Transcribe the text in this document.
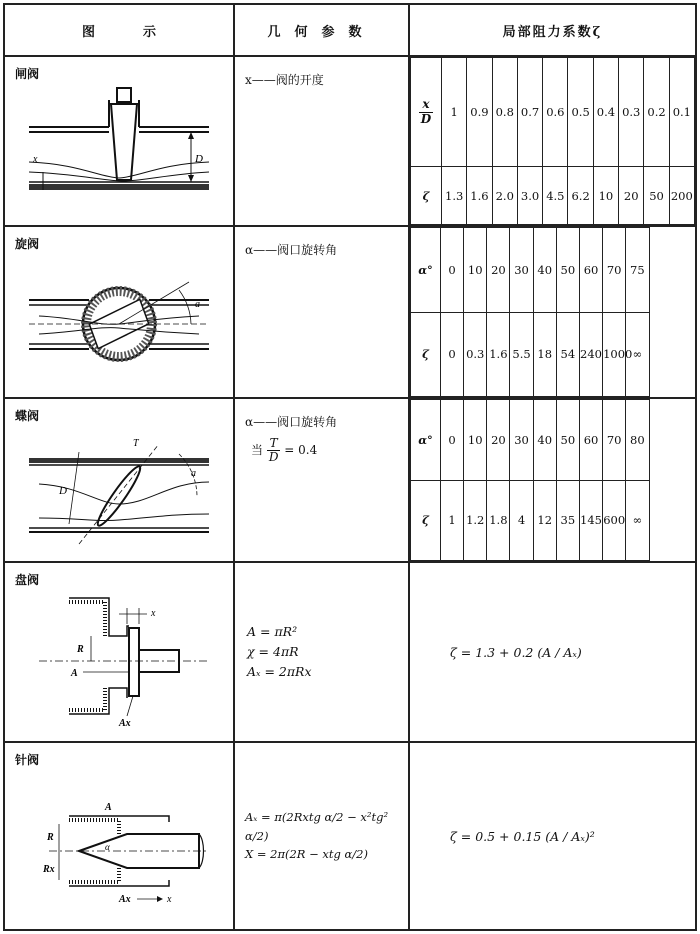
图示	几何参数	局部阻力系数ζ

闸阀
D
x

x——阀的开度

$\frac{x}{D}$	1	0.9	0.8	0.7	0.6	0.5	0.4	0.3	0.2	0.1
ζ	1.3	1.6	2.0	3.0	4.5	6.2	10	20	50	200

旋阀
a

α——阀口旋转角

α°	0	10	20	30	40	50	60	70	75	
ζ	0	0.3	1.6	5.5	18	54	240	1000	∞	

蝶阀
D
T
a

α——阀口旋转角
当 $\frac{T}{D} = 0.4$

α°	0	10	20	30	40	50	60	70	80	
ζ	1	1.2	1.8	4	12	35	145	600	∞	

盘阀
x
R
A
Ax

A = πR²
χ = 4πR
Aₓ = 2πRx

ζ = 1.3 + 0.2 (A / Aₓ)

针阀
R
A
Rx
α
Ax	x

Aₓ = π(2Rxtg α/2 − x²tg² α/2)
X = 2π(2R − xtg α/2)

ζ = 0.5 + 0.15 (A / Aₓ)²
